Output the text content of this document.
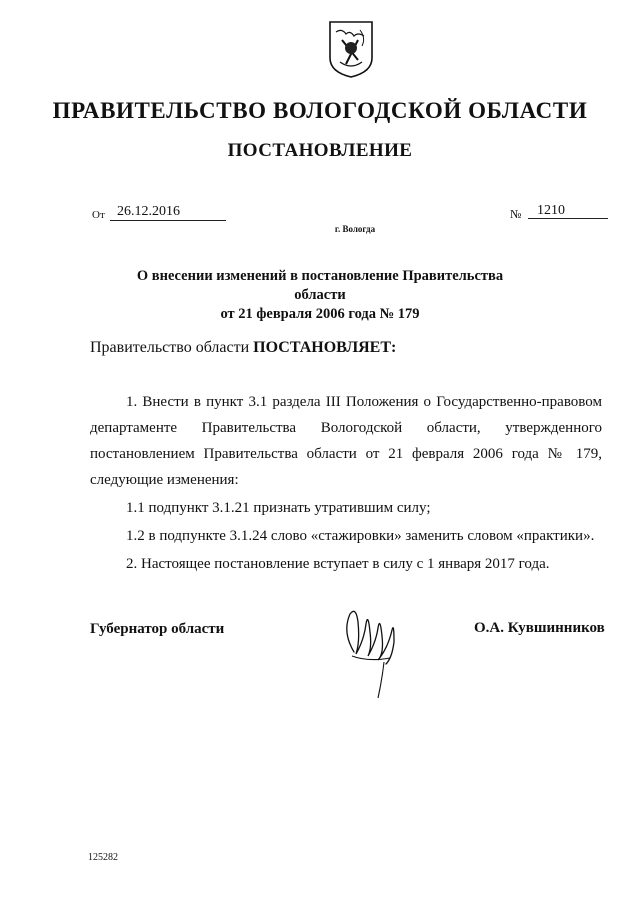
ПРАВИТЕЛЬСТВО ВОЛОГОДСКОЙ ОБЛАСТИ
ПОСТАНОВЛЕНИЕ
От 26.12.2016	№ 1210
г. Вологда
О внесении изменений в постановление Правительства области
от 21 февраля 2006 года № 179
Правительство области ПОСТАНОВЛЯЕТ:

1. Внести в пункт 3.1 раздела III Положения о Государственно-правовом департаменте Правительства Вологодской области, утвержденного постановлением Правительства области от 21 февраля 2006 года № 179, следующие изменения:

1.1 подпункт 3.1.21 признать утратившим силу;

1.2 в подпункте 3.1.24 слово «стажировки» заменить словом «практики».

2. Настоящее постановление вступает в силу с 1 января 2017 года.

Губернатор области	О.А. Кувшинников
125282
